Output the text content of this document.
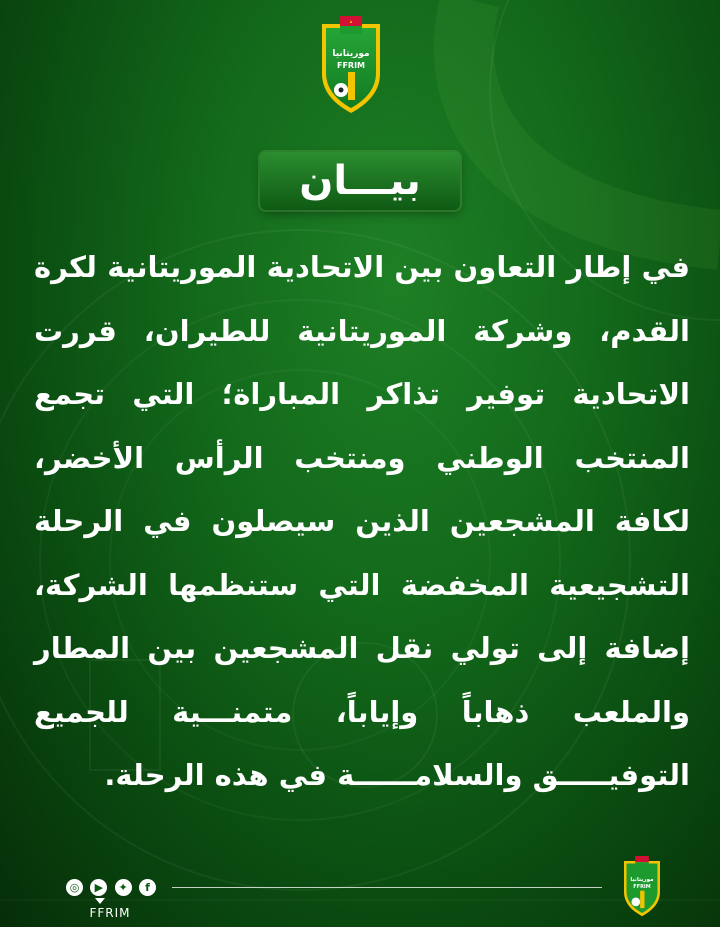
موريتانيا
FFRIM
بيـــان
في إطار التعاون بين الاتحادية الموريتانية لكرة القدم، وشركة الموريتانية للطيران، قررت الاتحادية توفير تذاكر المباراة؛ التي تجمع المنتخب الوطني ومنتخب الرأس الأخضر، لكافة المشجعين الذين سيصلون في الرحلة التشجيعية المخفضة التي ستنظمها الشركة، إضافة إلى تولي نقل المشجعين بين المطار والملعب ذهاباً وإياباً، متمنـــية للجميع التوفيـــــق والسلامــــــة في هذه الرحلة.
◎	▶	✦	f
FFRIM
موريتانيا
FFRIM
